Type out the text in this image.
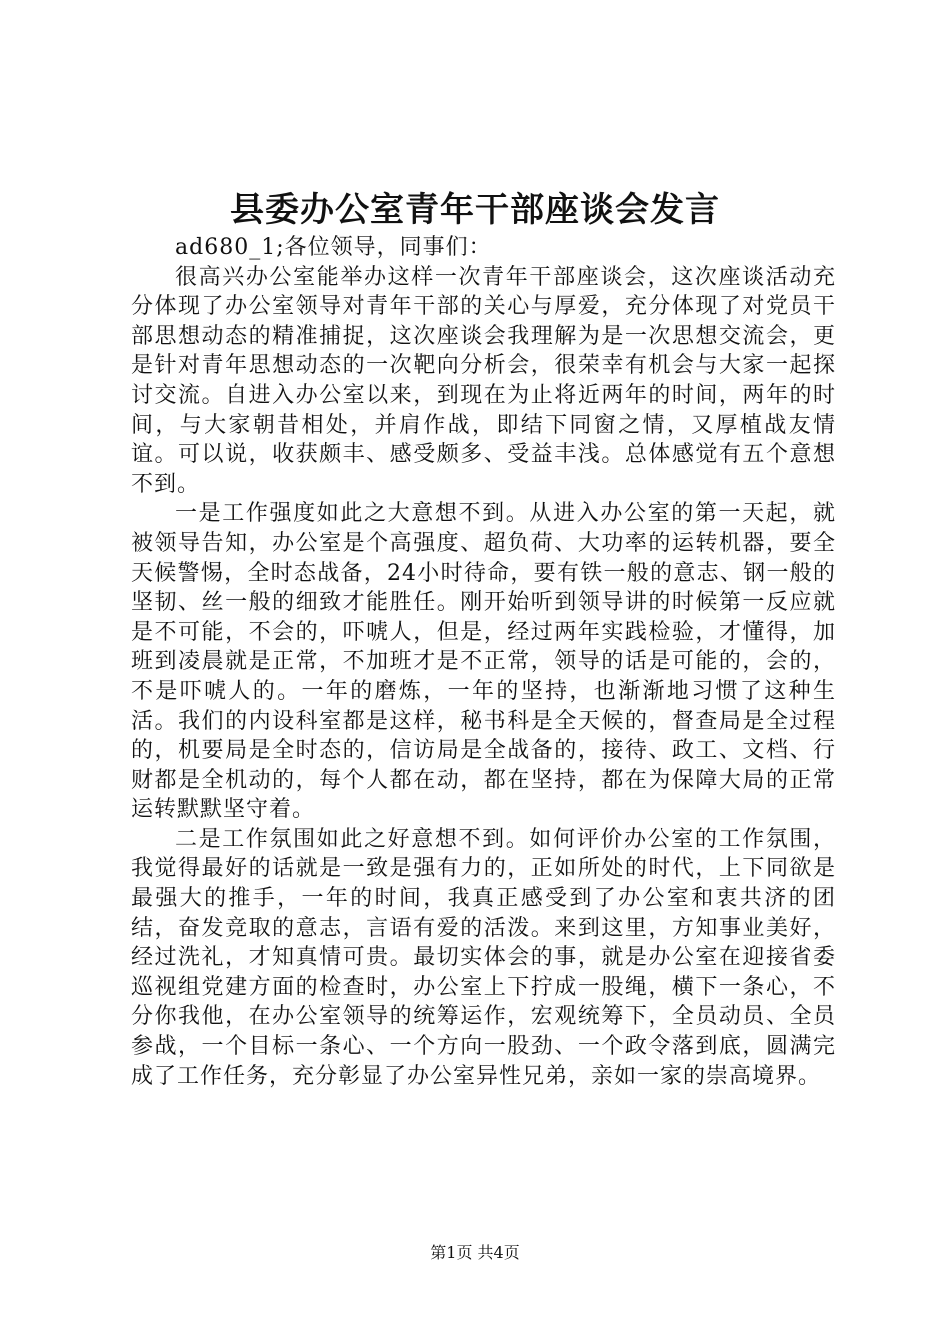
县委办公室青年干部座谈会发言
ad680_1;各位领导，同事们：

很高兴办公室能举办这样一次青年干部座谈会，这次座谈活动充分体现了办公室领导对青年干部的关心与厚爱，充分体现了对党员干部思想动态的精准捕捉，这次座谈会我理解为是一次思想交流会，更是针对青年思想动态的一次靶向分析会，很荣幸有机会与大家一起探讨交流。自进入办公室以来，到现在为止将近两年的时间，两年的时间，与大家朝昔相处，并肩作战，即结下同窗之情，又厚植战友情谊。可以说，收获颇丰、感受颇多、受益丰浅。总体感觉有五个意想不到。

一是工作强度如此之大意想不到。从进入办公室的第一天起，就被领导告知，办公室是个高强度、超负荷、大功率的运转机器，要全天候警惕，全时态战备，24小时待命，要有铁一般的意志、钢一般的坚韧、丝一般的细致才能胜任。刚开始听到领导讲的时候第一反应就是不可能，不会的，吓唬人，但是，经过两年实践检验，才懂得，加班到凌晨就是正常，不加班才是不正常，领导的话是可能的，会的，不是吓唬人的。一年的磨炼，一年的坚持，也渐渐地习惯了这种生活。我们的内设科室都是这样，秘书科是全天候的，督查局是全过程的，机要局是全时态的，信访局是全战备的，接待、政工、文档、行财都是全机动的，每个人都在动，都在坚持，都在为保障大局的正常运转默默坚守着。

二是工作氛围如此之好意想不到。如何评价办公室的工作氛围，我觉得最好的话就是一致是强有力的，正如所处的时代，上下同欲是最强大的推手，一年的时间，我真正感受到了办公室和衷共济的团结，奋发竞取的意志，言语有爱的活泼。来到这里，方知事业美好，经过洗礼，才知真情可贵。最切实体会的事，就是办公室在迎接省委巡视组党建方面的检查时，办公室上下拧成一股绳，横下一条心，不分你我他，在办公室领导的统筹运作，宏观统筹下，全员动员、全员参战，一个目标一条心、一个方向一股劲、一个政令落到底，圆满完成了工作任务，充分彰显了办公室异性兄弟，亲如一家的崇高境界。

第1页 共4页
